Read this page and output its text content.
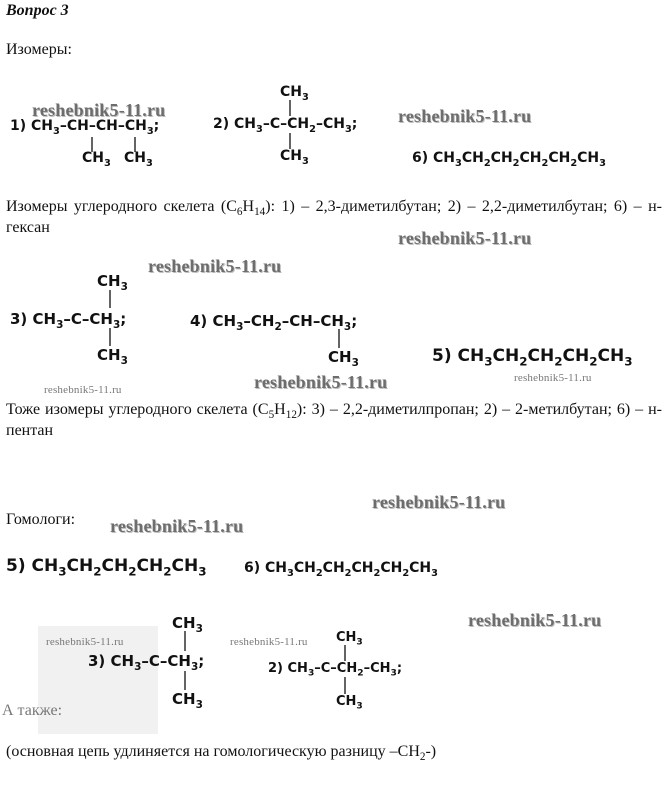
Вопрос 3
Изомеры:
reshebnik5-11.ru	reshebnik5-11.ru
1) $CH_3-CH-CH-CH_3$;
$CH_3$ $CH_3$
$CH_3$
2) $CH_3-C-CH_2-CH_3$;
$CH_3$	6) $CH_3CH_2CH_2CH_2CH_2CH_3$
Изомеры углеродного скелета $(C_6H_{14})$: 1) – 2,3-диметилбутан; 2) – 2,2-диметилбутан; 6) – н-гексан
reshebnik5-11.ru
reshebnik5-11.ru
$CH_3$
3) $CH_3-C-CH_3$;
$CH_3$
4) $CH_3-CH_2-CH-CH_3$;
$CH_3$	5) $CH_3CH_2CH_2CH_2CH_3$
reshebnik5-11.ru
reshebnik5-11.ru
reshebnik5-11.ru
Тоже изомеры углеродного скелета $(C_5H_{12})$: 3) – 2,2-диметилпропан; 2) – 2-метилбутан; 6) – н-пентан
reshebnik5-11.ru
Гомологи: reshebnik5-11.ru
5) $CH_3CH_2CH_2CH_2CH_3$	6) $CH_3CH_2CH_2CH_2CH_2CH_3$
reshebnik5-11.ru
$CH_3$
reshebnik5-11.ru	reshebnik5-11.ru
3) $CH_3-C-CH_3$;
$CH_3$
$CH_3$
2) $CH_3-C-CH_2-CH_3$;
$CH_3$
А также:
(основная цепь удлиняется на гомологическую разницу $-CH_2-$)
